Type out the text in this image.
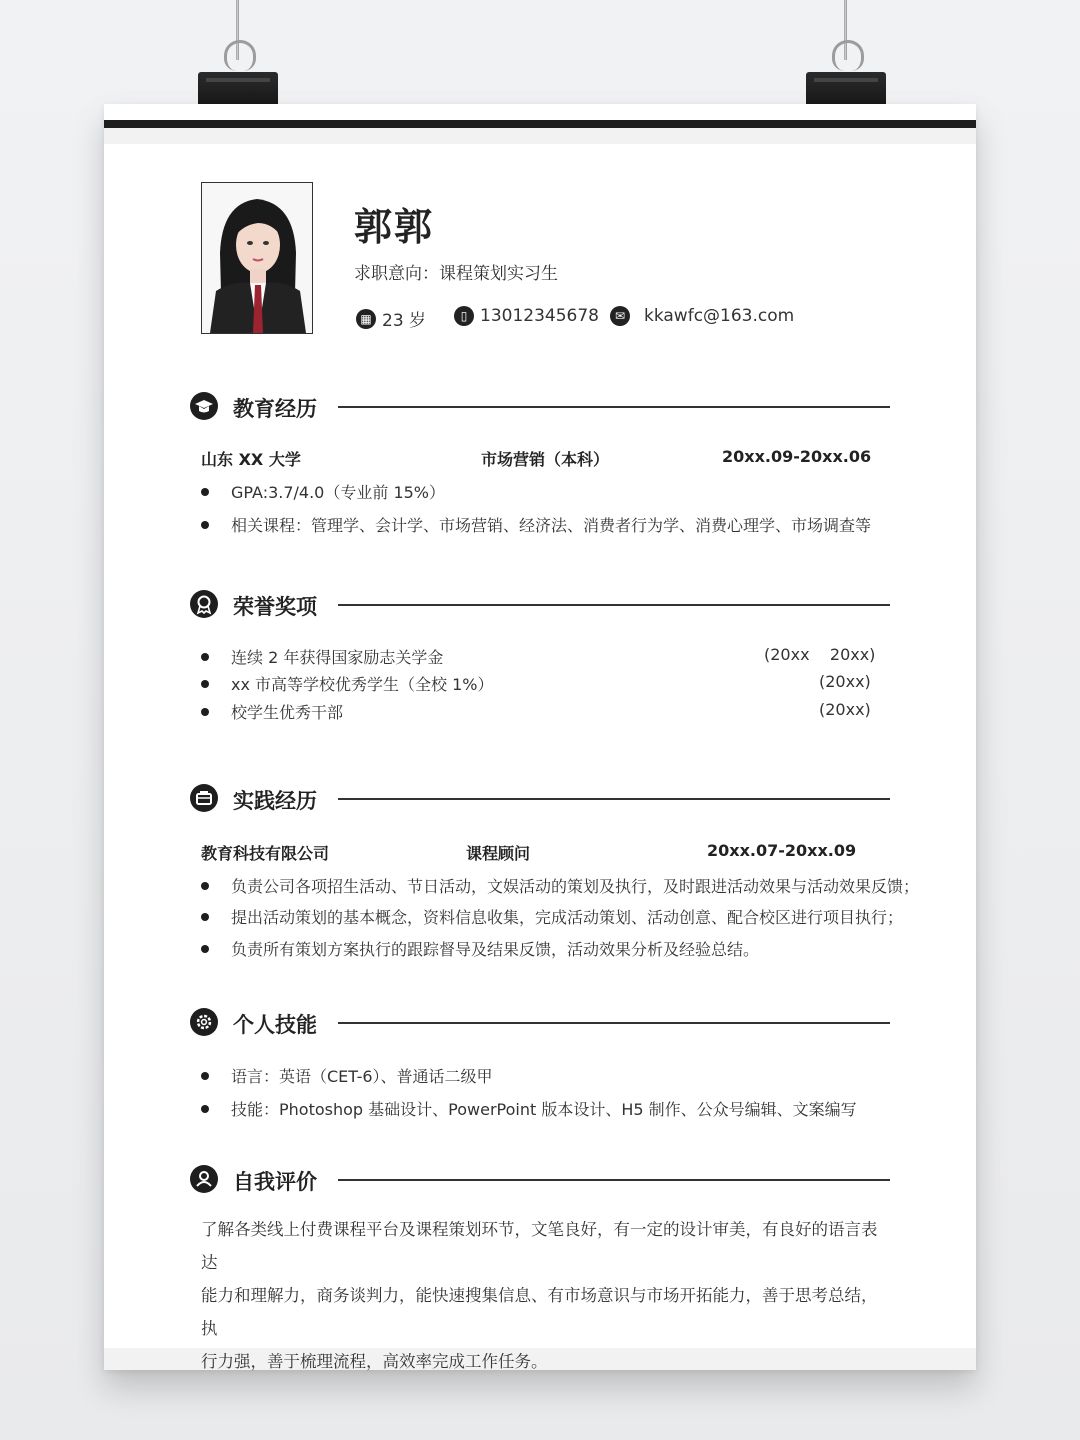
郭郭
求职意向：课程策划实习生
▦ 23 岁	▯ 13012345678	✉ kkawfc@163.com
教育经历
山东 XX 大学	市场营销（本科）	20xx.09-20xx.06
GPA:3.7/4.0（专业前 15%）
相关课程：管理学、会计学、市场营销、经济法、消费者行为学、消费心理学、市场调查等
荣誉奖项
连续 2 年获得国家励志关学金	(20xx    20xx)
xx 市高等学校优秀学生（全校 1%）	(20xx)
校学生优秀干部	(20xx)
实践经历
教育科技有限公司	课程顾问	20xx.07-20xx.09
负责公司各项招生活动、节日活动，文娱活动的策划及执行，及时跟进活动效果与活动效果反馈；
提出活动策划的基本概念，资料信息收集，完成活动策划、活动创意、配合校区进行项目执行；
负责所有策划方案执行的跟踪督导及结果反馈，活动效果分析及经验总结。
个人技能
语言：英语（CET-6）、普通话二级甲
技能：Photoshop 基础设计、PowerPoint 版本设计、H5 制作、公众号编辑、文案编写
自我评价
了解各类线上付费课程平台及课程策划环节，文笔良好，有一定的设计审美，有良好的语言表达
能力和理解力，商务谈判力，能快速搜集信息、有市场意识与市场开拓能力，善于思考总结，执
行力强，善于梳理流程，高效率完成工作任务。
